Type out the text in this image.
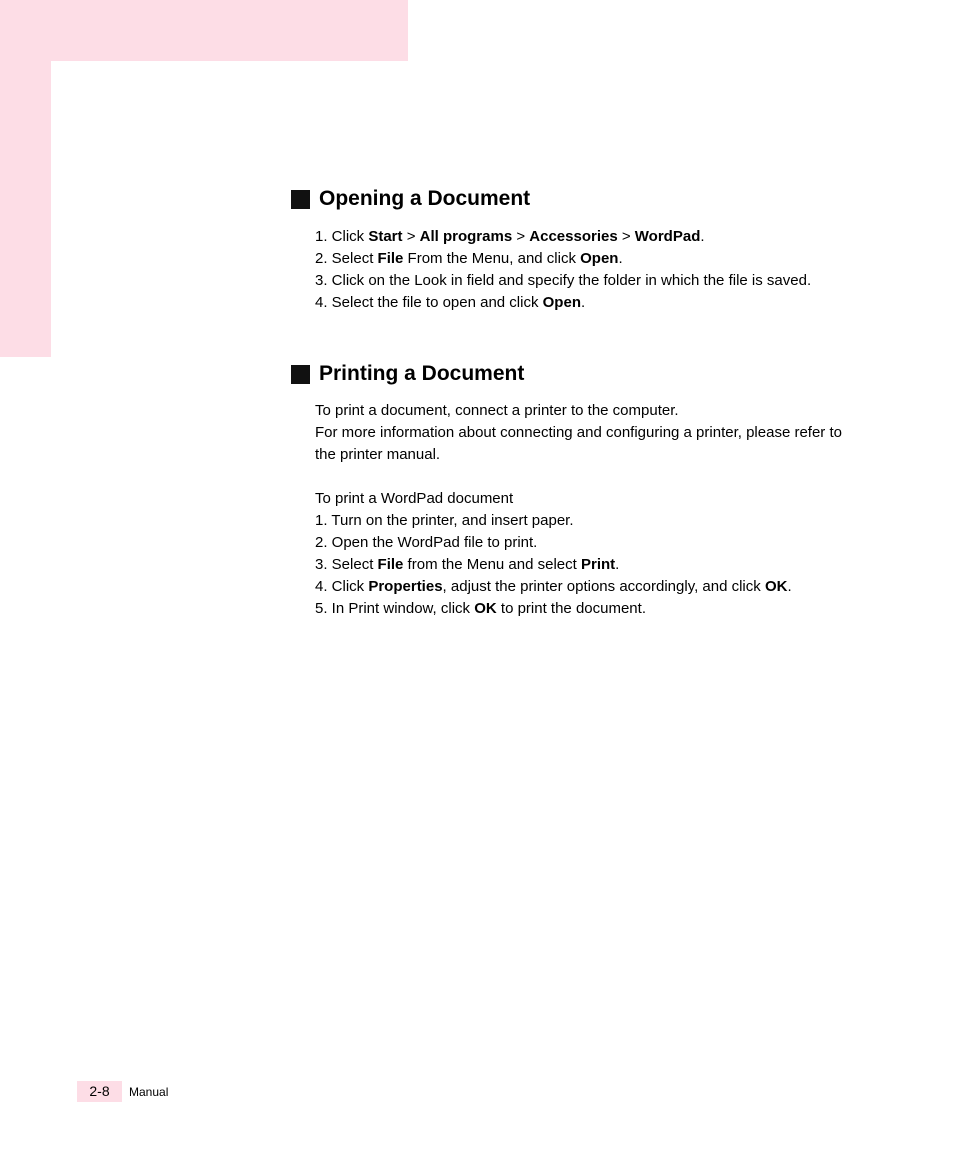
Opening a Document
1. Click Start > All programs > Accessories > WordPad.
2. Select File From the Menu, and click Open.
3. Click on the Look in field and specify the folder in which the file is saved.
4. Select the file to open and click Open.
Printing a Document
To print a document, connect a printer to the computer.
For more information about connecting and configuring a printer, please refer to
the printer manual.
To print a WordPad document
1. Turn on the printer, and insert paper.
2. Open the WordPad file to print.
3. Select File from the Menu and select Print.
4. Click Properties, adjust the printer options accordingly, and click OK.
5. In Print window, click OK to print the document.
2-8	Manual
